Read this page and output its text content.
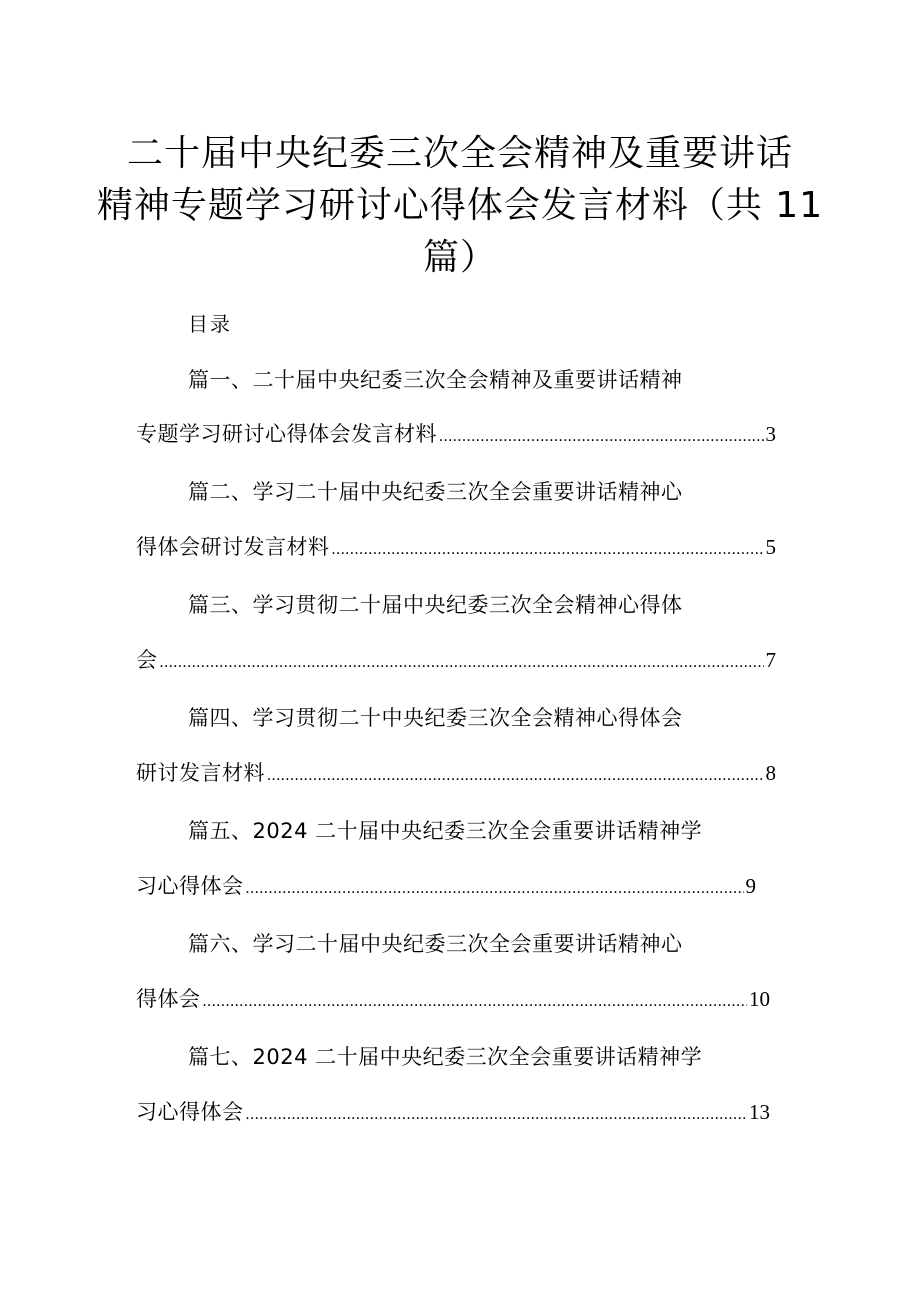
二十届中央纪委三次全会精神及重要讲话
精神专题学习研讨心得体会发言材料（共 11
篇）
目录
篇一、二十届中央纪委三次全会精神及重要讲话精神
专题学习研讨心得体会发言材料 .....	3
篇二、学习二十届中央纪委三次全会重要讲话精神心
得体会研讨发言材料 .....	5
篇三、学习贯彻二十届中央纪委三次全会精神心得体
会 .....	7
篇四、学习贯彻二十中央纪委三次全会精神心得体会
研讨发言材料 .....	8
篇五、2024 二十届中央纪委三次全会重要讲话精神学
习心得体会 .....	9
篇六、学习二十届中央纪委三次全会重要讲话精神心
得体会 .....	10
篇七、2024 二十届中央纪委三次全会重要讲话精神学
习心得体会 .....	13
